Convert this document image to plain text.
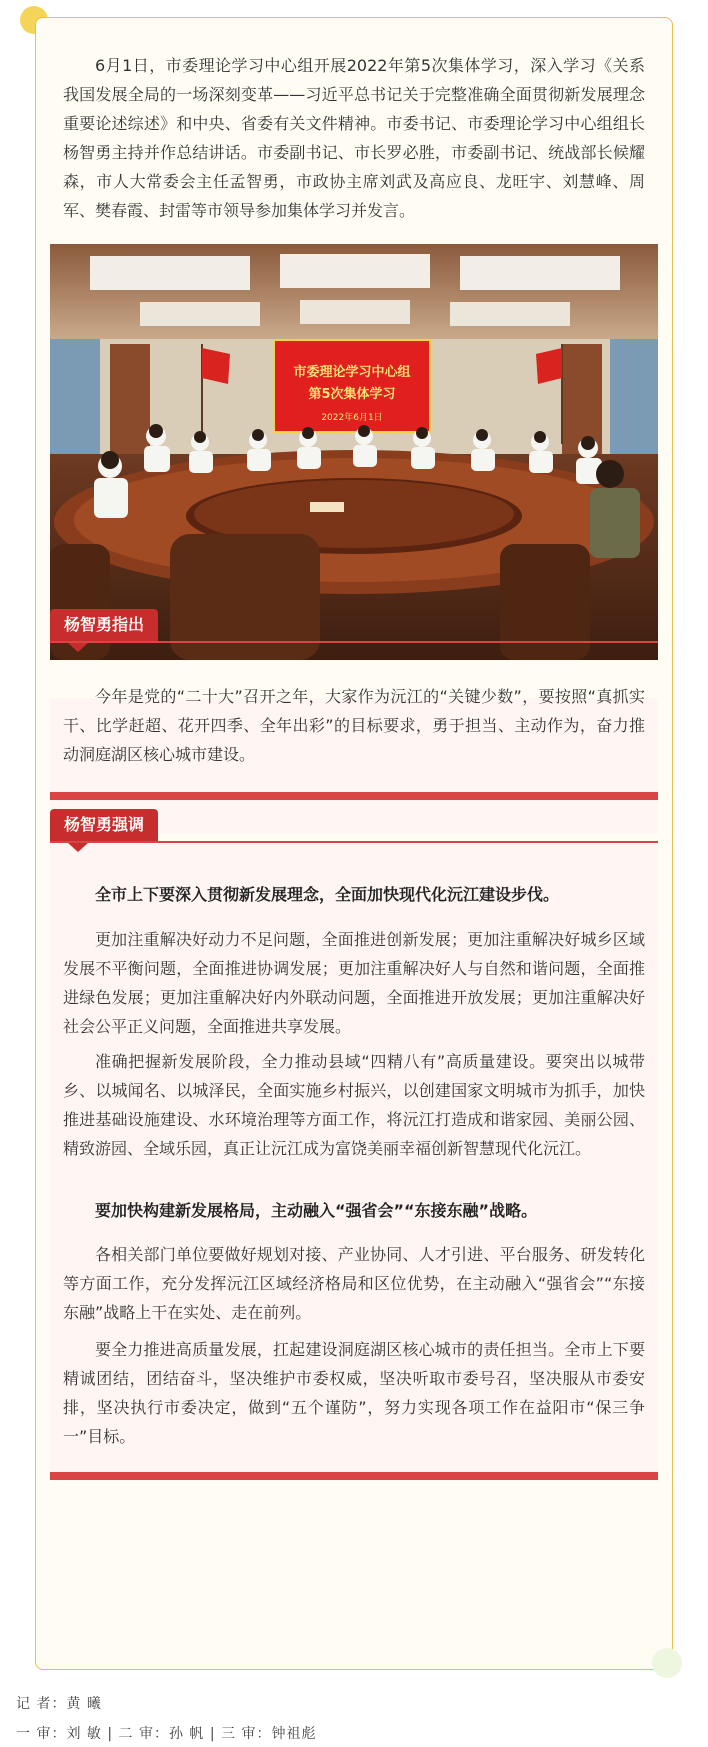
6月1日，市委理论学习中心组开展2022年第5次集体学习，深入学习《关系我国发展全局的一场深刻变革——习近平总书记关于完整准确全面贯彻新发展理念重要论述综述》和中央、省委有关文件精神。市委书记、市委理论学习中心组组长杨智勇主持并作总结讲话。市委副书记、市长罗必胜，市委副书记、统战部长候耀森，市人大常委会主任孟智勇，市政协主席刘武及高应良、龙旺宇、刘慧峰、周军、樊春霞、封雷等市领导参加集体学习并发言。

市委理论学习中心组
第5次集体学习
2022年6月1日
杨智勇指出

今年是党的“二十大”召开之年，大家作为沅江的“关键少数”，要按照“真抓实干、比学赶超、花开四季、全年出彩”的目标要求，勇于担当、主动作为，奋力推动洞庭湖区核心城市建设。

杨智勇强调

全市上下要深入贯彻新发展理念，全面加快现代化沅江建设步伐。

更加注重解决好动力不足问题，全面推进创新发展；更加注重解决好城乡区域发展不平衡问题，全面推进协调发展；更加注重解决好人与自然和谐问题，全面推进绿色发展；更加注重解决好内外联动问题，全面推进开放发展；更加注重解决好社会公平正义问题，全面推进共享发展。

准确把握新发展阶段，全力推动县域“四精八有”高质量建设。要突出以城带乡、以城闻名、以城泽民，全面实施乡村振兴，以创建国家文明城市为抓手，加快推进基础设施建设、水环境治理等方面工作，将沅江打造成和谐家园、美丽公园、精致游园、全域乐园，真正让沅江成为富饶美丽幸福创新智慧现代化沅江。

要加快构建新发展格局，主动融入“强省会”“东接东融”战略。

各相关部门单位要做好规划对接、产业协同、人才引进、平台服务、研发转化等方面工作，充分发挥沅江区域经济格局和区位优势，在主动融入“强省会”“东接东融”战略上干在实处、走在前列。

要全力推进高质量发展，扛起建设洞庭湖区核心城市的责任担当。全市上下要精诚团结，团结奋斗，坚决维护市委权威，坚决听取市委号召，坚决服从市委安排，坚决执行市委决定，做到“五个谨防”，努力实现各项工作在益阳市“保三争一”目标。

记 者：黄 曦
一 审：刘 敏 | 二 审：孙 帆 | 三 审：钟祖彪
